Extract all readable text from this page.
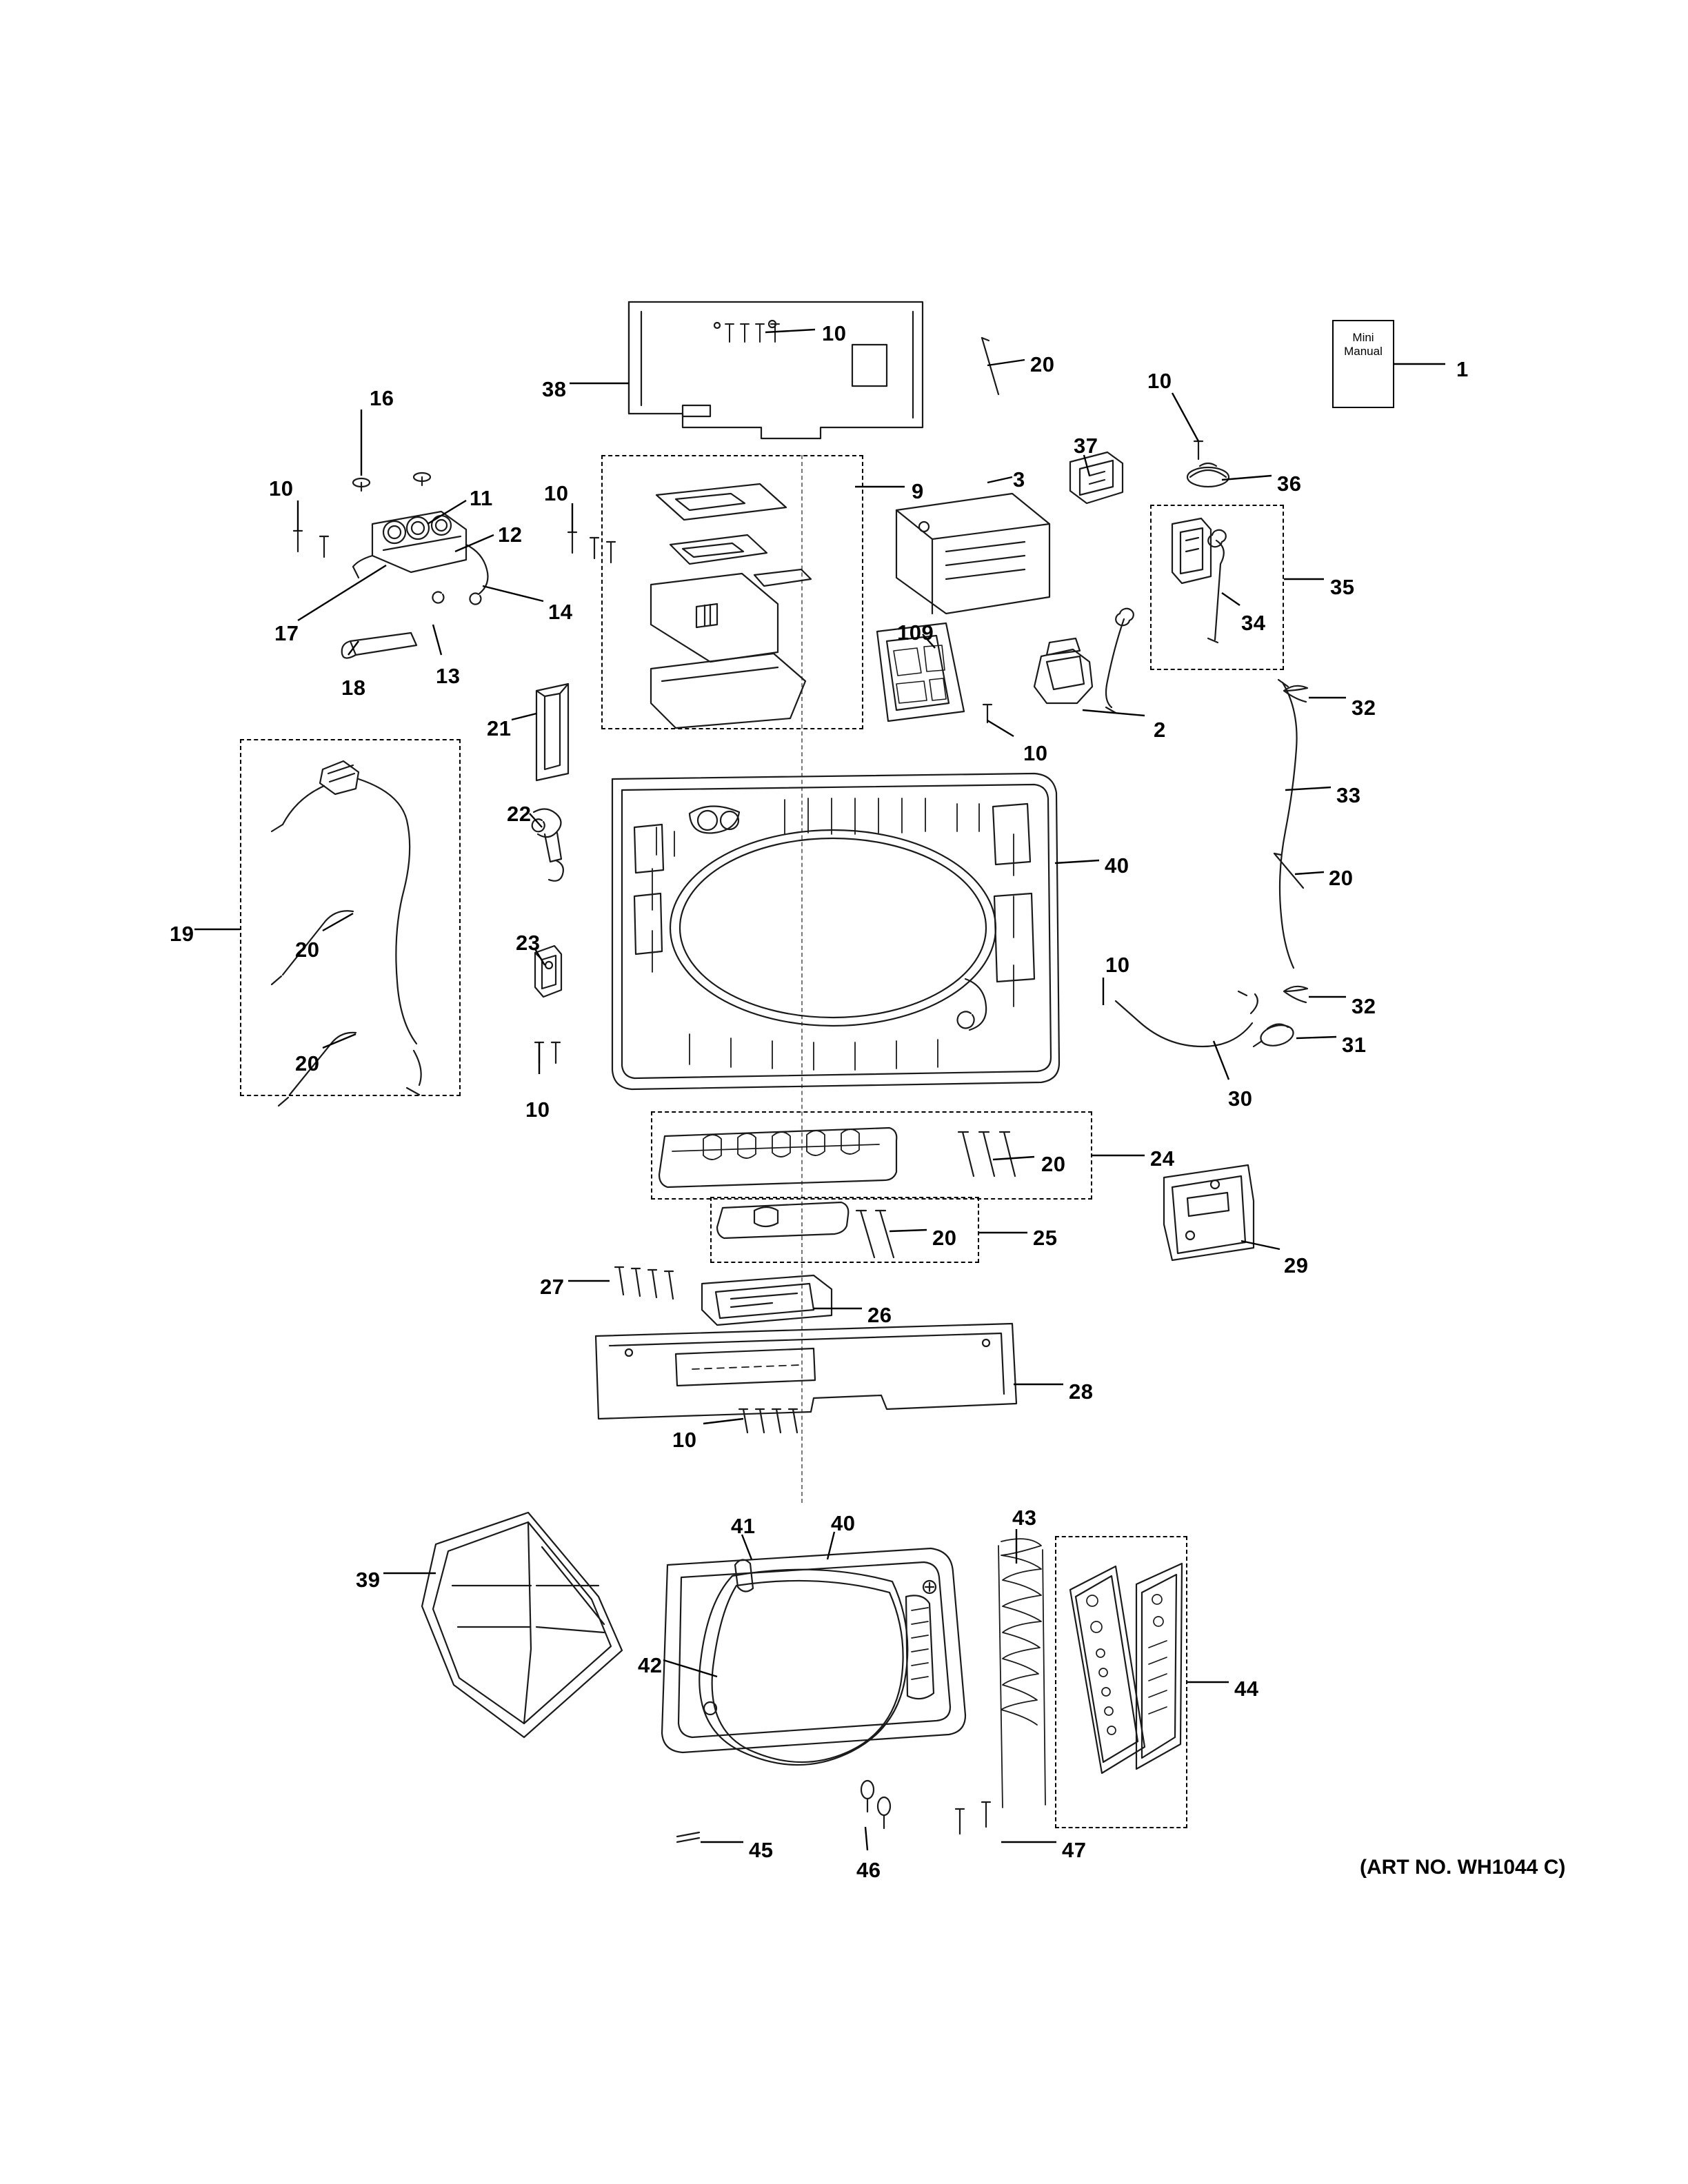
Mini
Manual
1
2
3
9
10
10	10
10
10
10
10
10
11
12
13
14
16
17
18
19
20
20
20
20
20
20
21
22
23
24
25
26
27
28
29
30
31
32
32
33
34
35
36
37
38
39
40
40
41
42
43
44
45
46
47
109
(ART NO. WH1044 C)
